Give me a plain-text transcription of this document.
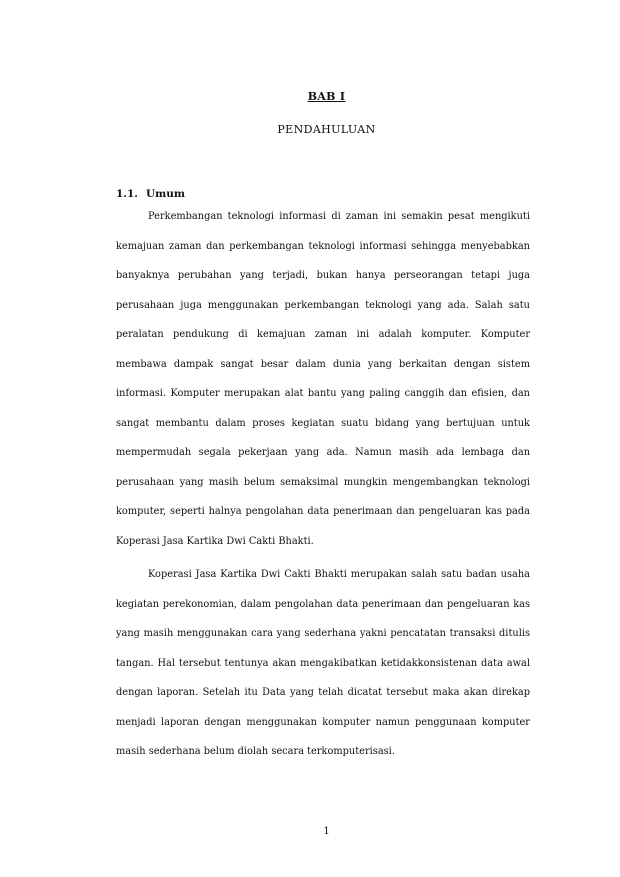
BAB I
PENDAHULUAN
1.1. Umum

Perkembangan teknologi informasi di zaman ini semakin pesat mengikuti kemajuan zaman dan perkembangan teknologi informasi sehingga menyebabkan banyaknya perubahan yang terjadi, bukan hanya perseorangan tetapi juga perusahaan juga menggunakan perkembangan teknologi yang ada. Salah satu peralatan pendukung di kemajuan zaman ini adalah komputer. Komputer membawa dampak sangat besar dalam dunia yang berkaitan dengan sistem informasi. Komputer merupakan alat bantu yang paling canggih dan efisien, dan sangat membantu dalam proses kegiatan suatu bidang yang bertujuan untuk mempermudah segala pekerjaan yang ada. Namun masih ada lembaga dan perusahaan yang masih belum semaksimal mungkin mengembangkan teknologi komputer, seperti halnya pengolahan data penerimaan dan pengeluaran kas pada Koperasi Jasa Kartika Dwi Cakti Bhakti.

Koperasi Jasa Kartika Dwi Cakti Bhakti merupakan salah satu badan usaha kegiatan perekonomian, dalam pengolahan data penerimaan dan pengeluaran kas yang masih menggunakan cara yang sederhana yakni pencatatan transaksi ditulis tangan. Hal tersebut tentunya akan mengakibatkan ketidakkonsistenan data awal dengan laporan. Setelah itu Data yang telah dicatat tersebut maka akan direkap menjadi laporan dengan menggunakan komputer namun penggunaan komputer masih sederhana belum diolah secara terkomputerisasi.

1
